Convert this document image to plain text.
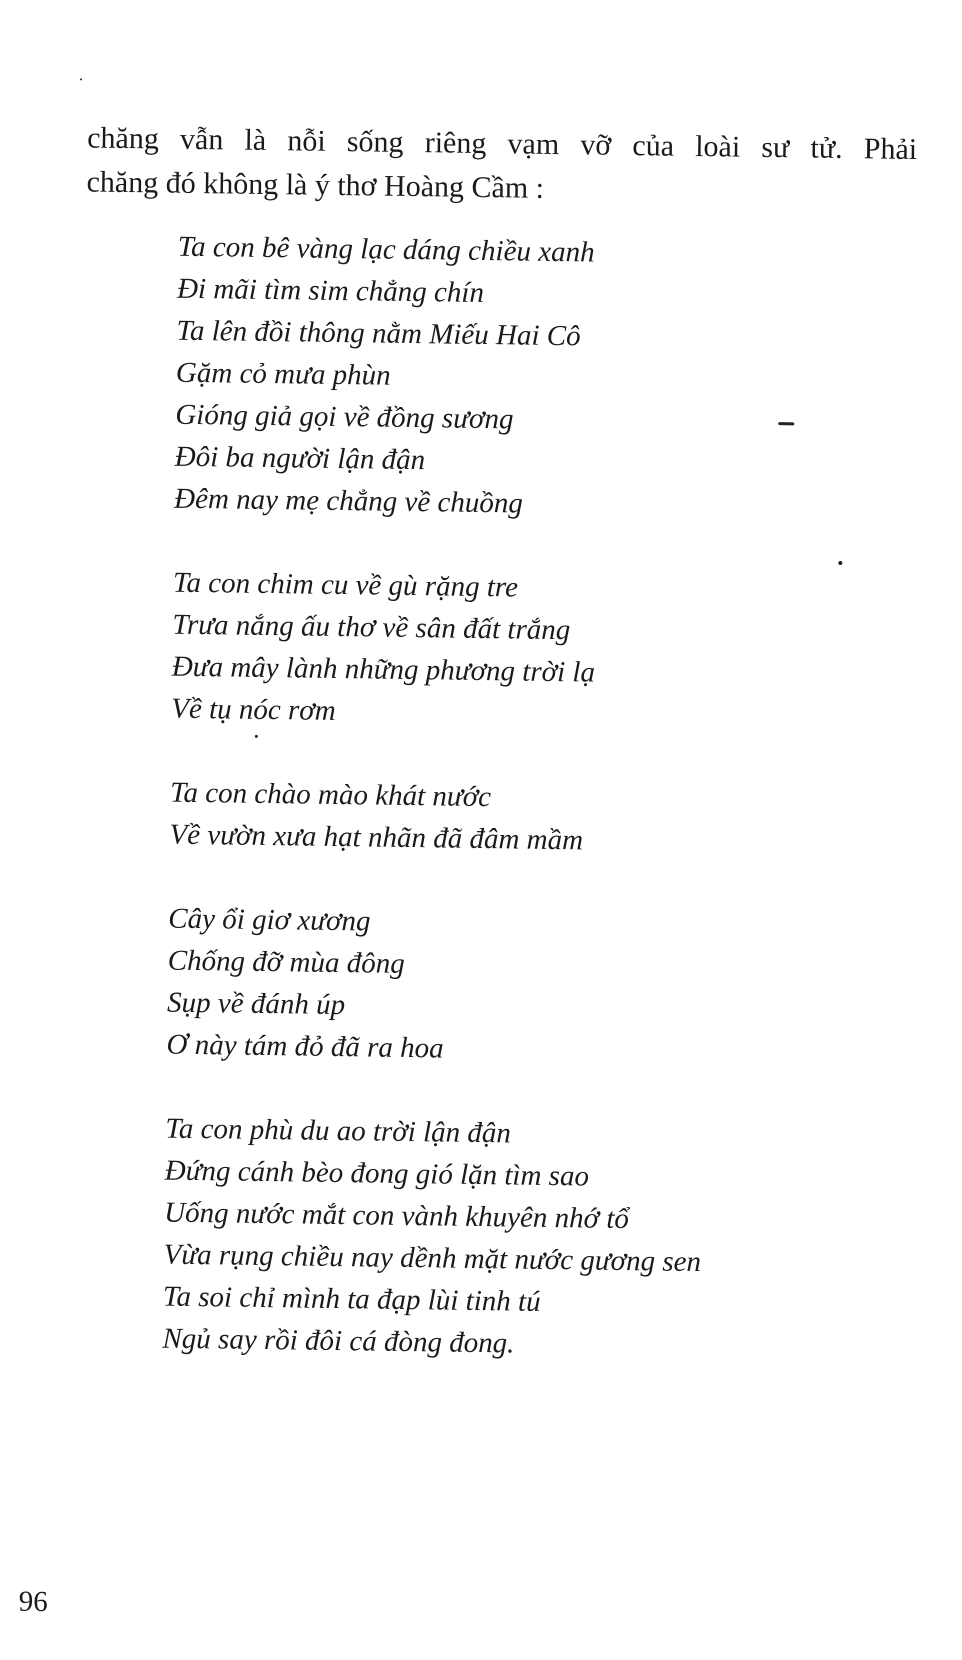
chăng vẫn là nỗi sống riêng vạm vỡ của loài sư tử. Phải
chăng đó không là ý thơ Hoàng Cầm :

Ta con bê vàng lạc dáng chiều xanh
Đi mãi tìm sim chẳng chín
Ta lên đồi thông nằm Miếu Hai Cô
Gặm cỏ mưa phùn
Gióng giả gọi về đồng sương
Đôi ba người lận đận
Đêm nay mẹ chẳng về chuồng
Ta con chim cu về gù rặng tre
Trưa nắng ấu thơ về sân đất trắng
Đưa mây lành những phương trời lạ
Về tụ nóc rơm
Ta con chào mào khát nước
Về vườn xưa hạt nhãn đã đâm mầm
Cây ổi giơ xương
Chống đỡ mùa đông
Sụp về đánh úp
Ơ này tám đỏ đã ra hoa
Ta con phù du ao trời lận đận
Đứng cánh bèo đong gió lặn tìm sao
Uống nước mắt con vành khuyên nhớ tổ
Vừa rụng chiều nay dềnh mặt nước gương sen
Ta soi chỉ mình ta đạp lùi tinh tú
Ngủ say rồi đôi cá đòng đong.
96
